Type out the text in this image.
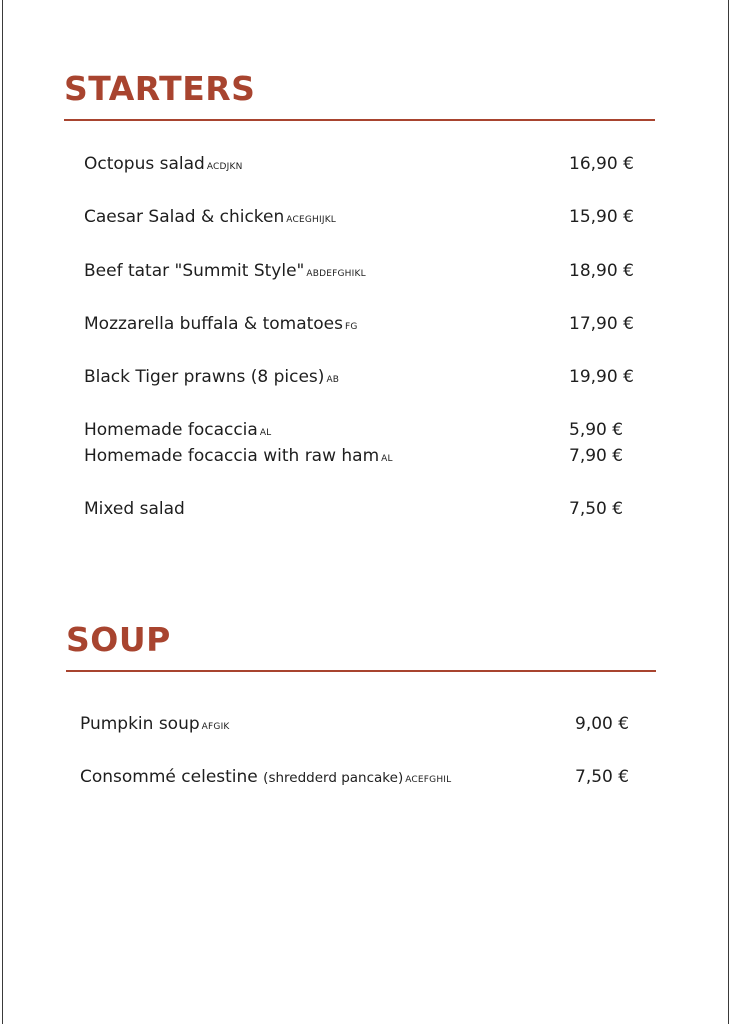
STARTERS
Octopus salad ACDJKN	16,90 €
Caesar Salad & chicken ACEGHIJKL	15,90 €
Beef tatar "Summit Style" ABDEFGHIKL	18,90 €
Mozzarella buffala & tomatoes FG	17,90 €
Black Tiger prawns (8 pices) AB	19,90 €
Homemade focaccia AL	5,90 €
Homemade focaccia with raw ham AL	7,90 €
Mixed salad	7,50 €
SOUP
Pumpkin soup AFGIK	9,00 €
Consommé celestine (shredderd pancake) ACEFGHIL	7,50 €
